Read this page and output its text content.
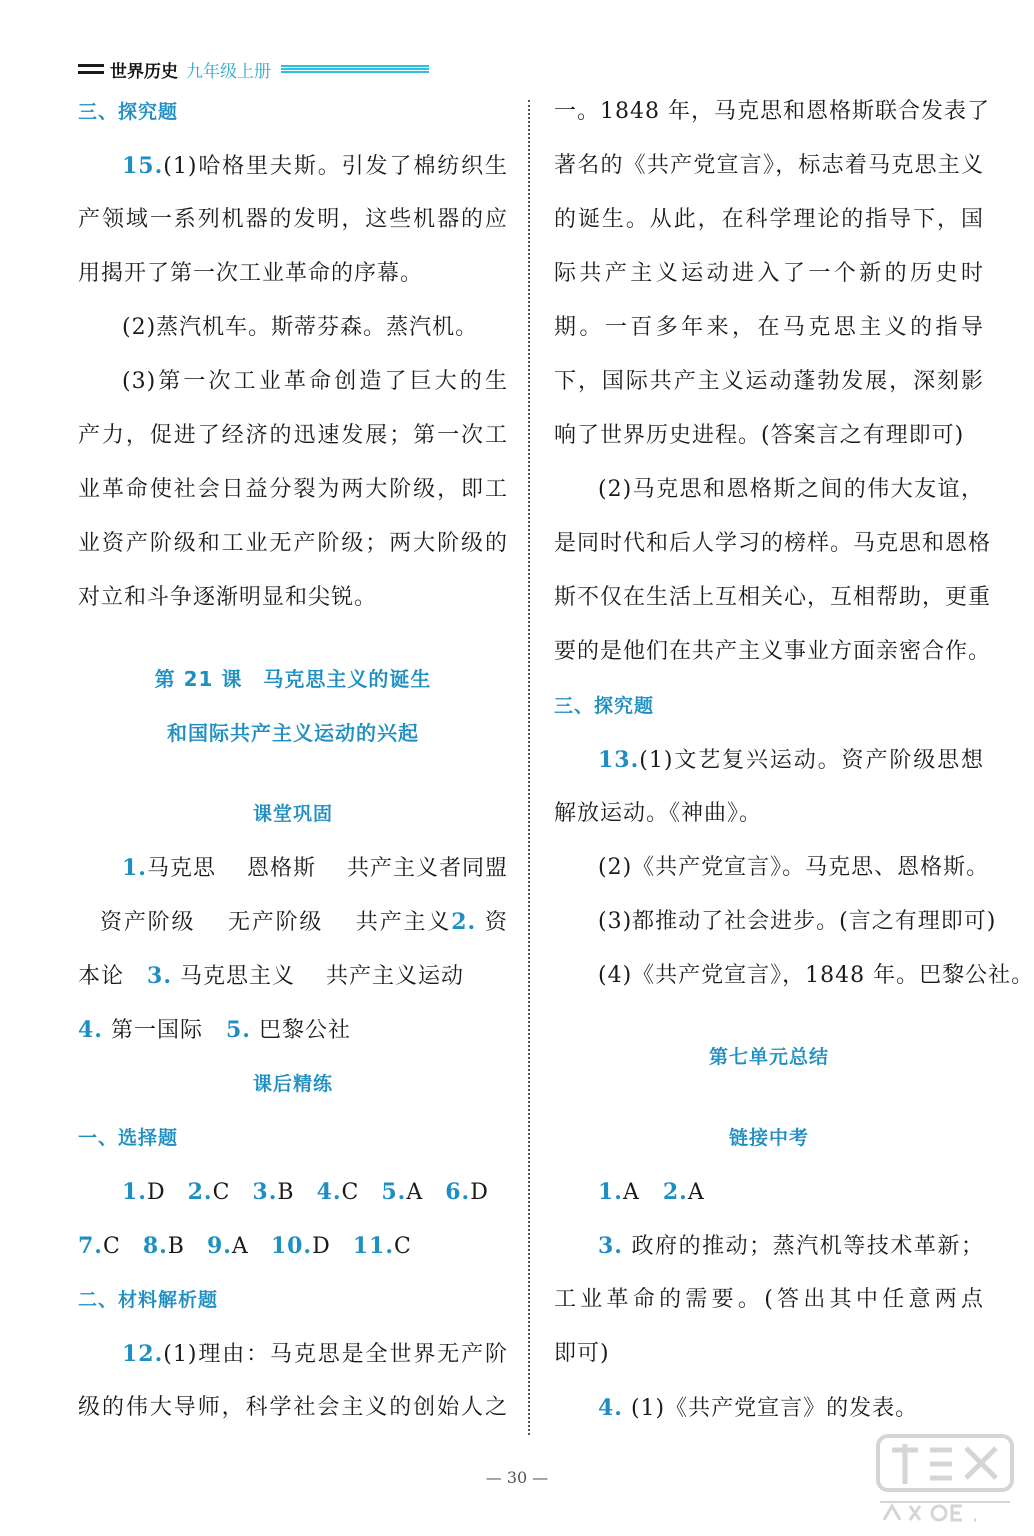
世界历史 九年级上册
三、探究题
15.(1)哈格里夫斯。引发了棉纺织生
产领域一系列机器的发明，这些机器的应
用揭开了第一次工业革命的序幕。
(2)蒸汽机车。斯蒂芬森。蒸汽机。
(3)第一次工业革命创造了巨大的生
产力，促进了经济的迅速发展；第一次工
业革命使社会日益分裂为两大阶级，即工
业资产阶级和工业无产阶级；两大阶级的
对立和斗争逐渐明显和尖锐。
第 21 课　马克思主义的诞生
和国际共产主义运动的兴起
课堂巩固
1.马克思　 恩格斯　 共产主义者同盟
资产阶级　 无产阶级　 共产主义2. 资
本论　 3. 马克思主义　 共产主义运动
4. 第一国际　 5. 巴黎公社
课后精练
一、选择题
1.D 2.C 3.B 4.C 5.A 6.D
7.C 8.B 9.A 10.D 11.C
二、材料解析题
12.(1)理由：马克思是全世界无产阶
级的伟大导师，科学社会主义的创始人之
一。1848 年，马克思和恩格斯联合发表了
著名的《共产党宣言》，标志着马克思主义
的诞生。从此，在科学理论的指导下，国
际共产主义运动进入了一个新的历史时
期。一百多年来，在马克思主义的指导
下，国际共产主义运动蓬勃发展，深刻影
响了世界历史进程。(答案言之有理即可)
(2)马克思和恩格斯之间的伟大友谊，
是同时代和后人学习的榜样。马克思和恩格
斯不仅在生活上互相关心，互相帮助，更重
要的是他们在共产主义事业方面亲密合作。
三、探究题
13.(1)文艺复兴运动。资产阶级思想
解放运动。《神曲》。
(2)《共产党宣言》。马克思、恩格斯。
(3)都推动了社会进步。(言之有理即可)
(4)《共产党宣言》，1848 年。巴黎公社。
第七单元总结
链接中考
1.A　 2.A
3. 政府的推动；蒸汽机等技术革新；
工业革命的需要。(答出其中任意两点
即可)
4. (1)《共产党宣言》的发表。
— 30 —
